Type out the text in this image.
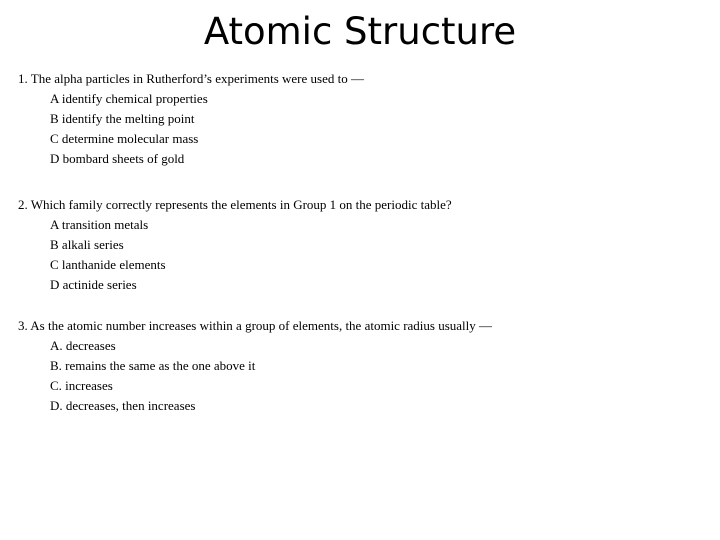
Atomic Structure
1. The alpha particles in Rutherford’s experiments were used to —
A identify chemical properties
B identify the melting point
C determine molecular mass
D bombard sheets of gold
2. Which family correctly represents the elements in Group 1 on the periodic table?
A transition metals
B alkali series
C lanthanide elements
D actinide series
3. As the atomic number increases within a group of elements, the atomic radius usually —
A. decreases
B. remains the same as the one above it
C. increases
D. decreases, then increases
